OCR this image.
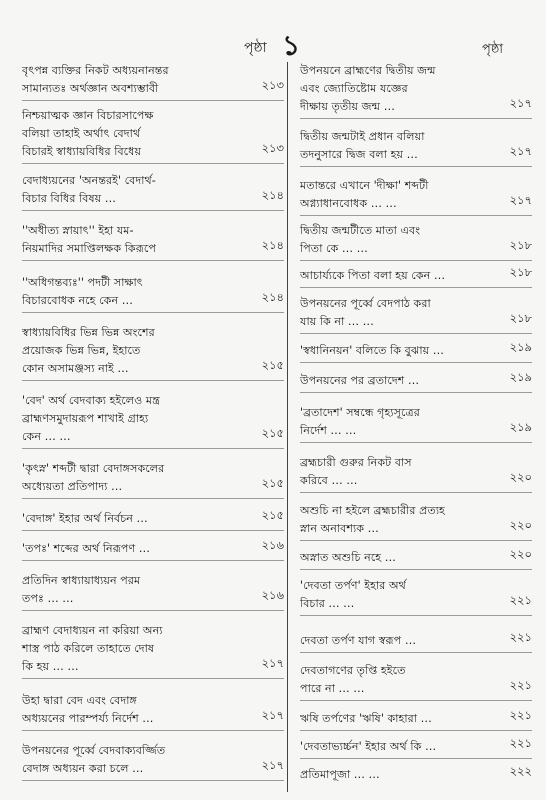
পৃষ্ঠা ১	পৃষ্ঠা
বৃৎপন্ন ব্যক্তির নিকট অধ্যয়নানন্তর
সামান্যতঃ অর্থজ্ঞান অবশ্যম্ভাবী	২১৩
নিশ্চয়াত্মক জ্ঞান বিচারসাপেক্ষ
বলিয়া তাহাই অর্থাৎ বেদার্থ
বিচারই স্বাধ্যায়বিধির বিধেয়	২১৩
বেদাধ্যয়নের 'অনন্তরই' বেদার্থ-
বিচার বিধির বিষয় …	২১৪
''অধীত্য স্নায়াৎ'' ইহা যম-
নিয়মাদির সমাপ্তিলক্ষক কিরূপে	২১৪
''অধিগন্তব্যঃ'' পদটী সাক্ষাৎ
বিচারবোধক নহে কেন …	২১৪
স্বাধ্যায়বিধির ভিন্ন ভিন্ন অংশের
প্রয়োজক ভিন্ন ভিন্ন, ইহাতে
কোন অসামঞ্জস্য নাই …	২১৫
'বেদ' অর্থ বেদবাক্য হইলেও মন্ত্র
ব্রাহ্মণসমুদায়রূপ শাখাই গ্রাহ্য
কেন … …	২১৫
'কৃৎস্ন' শব্দটী দ্বারা বেদাঙ্গসকলের
অধ্যেয়তা প্রতিপাদ্য …	২১৫
'বেদাঙ্গ' ইহার অর্থ নির্বচন …	২১৫
'তপঃ' শব্দের অর্থ নিরূপণ …	২১৬
প্রতিদিন স্বাধ্যায়াধ্যয়ন পরম
তপঃ … …	২১৬
ব্রাহ্মণ বেদাধ্যয়ন না করিয়া অন্য
শাস্ত্র পাঠ করিলে তাহাতে দোষ
কি হয় … …	২১৭
উহা দ্বারা বেদ এবং বেদাঙ্গ
অধ্যয়নের পারম্পর্য্য নির্দেশ …	২১৭
উপনয়নের পূর্ব্বে বেদবাক্যবর্জ্জিত
বেদাঙ্গ অধ্যয়ন করা চলে …	২১৭
উপনয়নে ব্রাহ্মণের দ্বিতীয় জন্ম
এবং জ্যোতিষ্টোম যজ্ঞের
দীক্ষায় তৃতীয় জন্ম …	২১৭
দ্বিতীয় জন্মটাই প্রধান বলিয়া
তদনুসারে দ্বিজ বলা হয় …	২১৭
মতান্তরে এখানে 'দীক্ষা' শব্দটী
অগ্ন্যাধানবোধক … …	২১৭
দ্বিতীয় জন্মটীতে মাতা এবং
পিতা কে … …	২১৮
আচার্য্যকে পিতা বলা হয় কেন …	২১৮
উপনয়নের পূর্ব্বে বেদপাঠ করা
যায় কি না … …	২১৮
'স্বধানিনয়ন' বলিতে কি বুঝায় …	২১৯
উপনয়নের পর ব্রতাদেশ …	২১৯
'ব্রতাদেশ' সম্বন্ধে গৃহ্যসূত্রের
নির্দেশ … …	২১৯
ব্রহ্মচারী গুরুর নিকট বাস
করিবে … …	২২০
অশুচি না হইলে ব্রহ্মচারীর প্রত্যহ
স্নান অনাবশ্যক …	২২০
অস্নাত অশুচি নহে …	২২০
'দেবতা তর্পণ' ইহার অর্থ
বিচার … …	২২১
দেবতা তর্পণ যাগ স্বরূপ …	২২১
দেবতাগণের তৃপ্তি হইতে
পারে না … …	২২১
ঋষি তর্পণের 'ঋষি' কাহারা …	২২১
'দেবতাভ্যর্চ্চন' ইহার অর্থ কি …	২২১
প্রতিমাপূজা … …	২২২
